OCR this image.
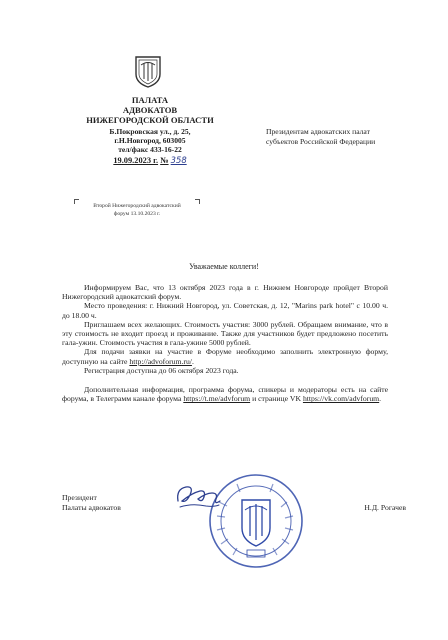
ПАЛАТА
АДВОКАТОВ
НИЖЕГОРОДСКОЙ ОБЛАСТИ
Б.Покровская ул., д. 25,
г.Н.Новгород, 603005
тел/факс 433-16-22
19.09.2023 г. № 358
Президентам адвокатских палат
субъектов Российской Федерации
Второй Нижегородский адвокатский
форум 13.10.2023 г.
Уважаемые коллеги!

Информируем Вас, что 13 октября 2023 года в г. Нижнем Новгороде пройдет Второй Нижегородский адвокатский форум.

Место проведения: г. Нижний Новгород, ул. Советская, д. 12, "Marins park hotel" с 10.00 ч. до 18.00 ч.

Приглашаем всех желающих. Стоимость участия: 3000 рублей. Обращаем внимание, что в эту стоимость не входит проезд и проживание. Также для участников будет предложено посетить гала-ужин. Стоимость участия в гала-ужине 5000 рублей.

Для подачи заявки на участие в Форуме необходимо заполнить электронную форму, доступную на сайте http://advoforum.ru/.

Регистрация доступна до 06 октября 2023 года.

Дополнительная информация, программа форума, спикеры и модераторы есть на сайте форума, в Телеграмм канале форума https://t.me/advforum и странице VK https://vk.com/advforum.

Президент
Палаты адвокатов	Н.Д. Рогачев
